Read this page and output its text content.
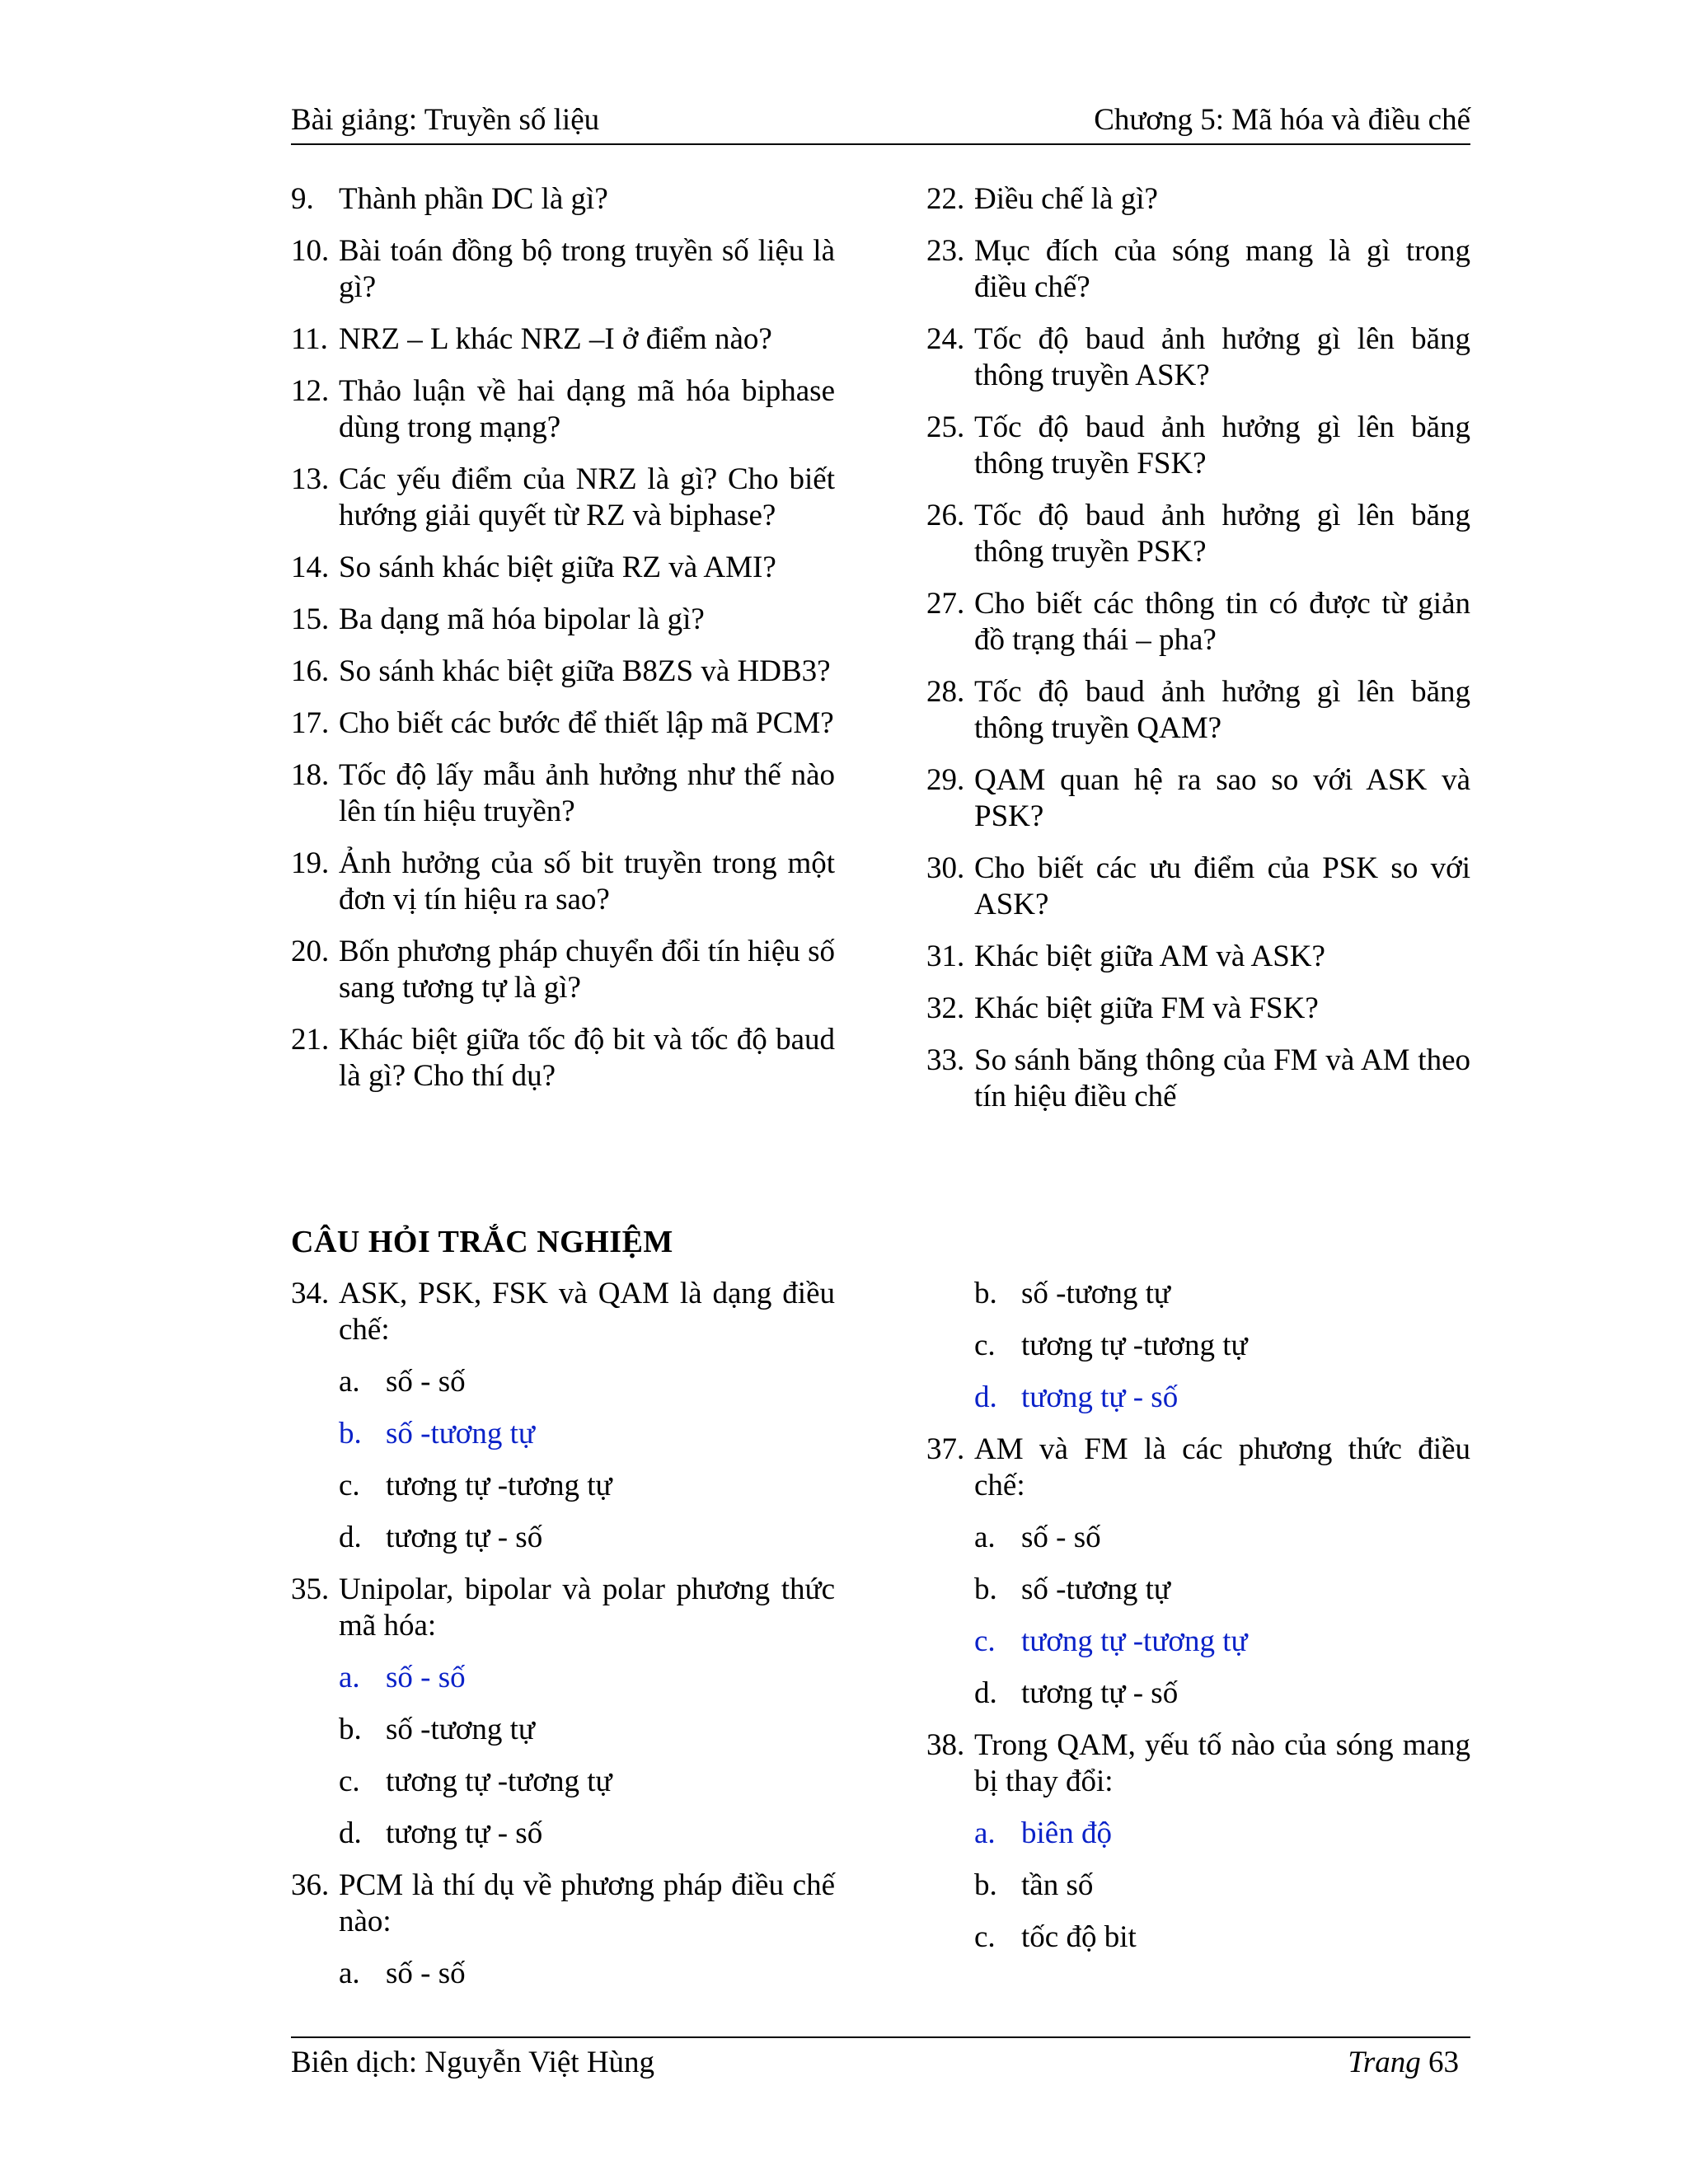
Bài giảng: Truyền số liệu	Chương 5: Mã hóa và điều chế
9. Thành phần DC là gì?
10. Bài toán đồng bộ trong truyền số liệu là gì?
11. NRZ – L khác NRZ –I ở điểm nào?
12. Thảo luận về hai dạng mã hóa biphase dùng trong mạng?
13. Các yếu điểm của NRZ là gì? Cho biết hướng giải quyết từ RZ và biphase?
14. So sánh khác biệt giữa RZ và AMI?
15. Ba dạng mã hóa bipolar là gì?
16. So sánh khác biệt giữa B8ZS và HDB3?
17. Cho biết các bước để thiết lập mã PCM?
18. Tốc độ lấy mẫu ảnh hưởng như thế nào lên tín hiệu truyền?
19. Ảnh hưởng của số bit truyền trong một đơn vị tín hiệu ra sao?
20. Bốn phương pháp chuyển đổi tín hiệu số sang tương tự là gì?
21. Khác biệt giữa tốc độ bit và tốc độ baud là gì? Cho thí dụ?
22. Điều chế là gì?
23. Mục đích của sóng mang là gì trong điều chế?
24. Tốc độ baud ảnh hưởng gì lên băng thông truyền ASK?
25. Tốc độ baud ảnh hưởng gì lên băng thông truyền FSK?
26. Tốc độ baud ảnh hưởng gì lên băng thông truyền PSK?
27. Cho biết các thông tin có được từ giản đồ trạng thái – pha?
28. Tốc độ baud ảnh hưởng gì lên băng thông truyền QAM?
29. QAM quan hệ ra sao so với ASK và PSK?
30. Cho biết các ưu điểm của PSK so với ASK?
31. Khác biệt giữa AM và ASK?
32. Khác biệt giữa FM và FSK?
33. So sánh băng thông của FM và AM theo tín hiệu điều chế
CÂU HỎI TRẮC NGHIỆM
34. ASK, PSK, FSK và QAM là dạng điều chế:
a. số - số
b. số -tương tự
c. tương tự -tương tự
d. tương tự - số
35. Unipolar, bipolar và polar phương thức mã hóa:
a. số - số
b. số -tương tự
c. tương tự -tương tự
d. tương tự - số
36. PCM là thí dụ về phương pháp điều chế nào:
a. số - số
b. số -tương tự
c. tương tự -tương tự
d. tương tự - số
37. AM và FM là các phương thức điều chế:
a. số - số
b. số -tương tự
c. tương tự -tương tự
d. tương tự - số
38. Trong QAM, yếu tố nào của sóng mang bị thay đổi:
a. biên độ
b. tần số
c. tốc độ bit
Biên dịch: Nguyễn Việt Hùng	Trang 63
